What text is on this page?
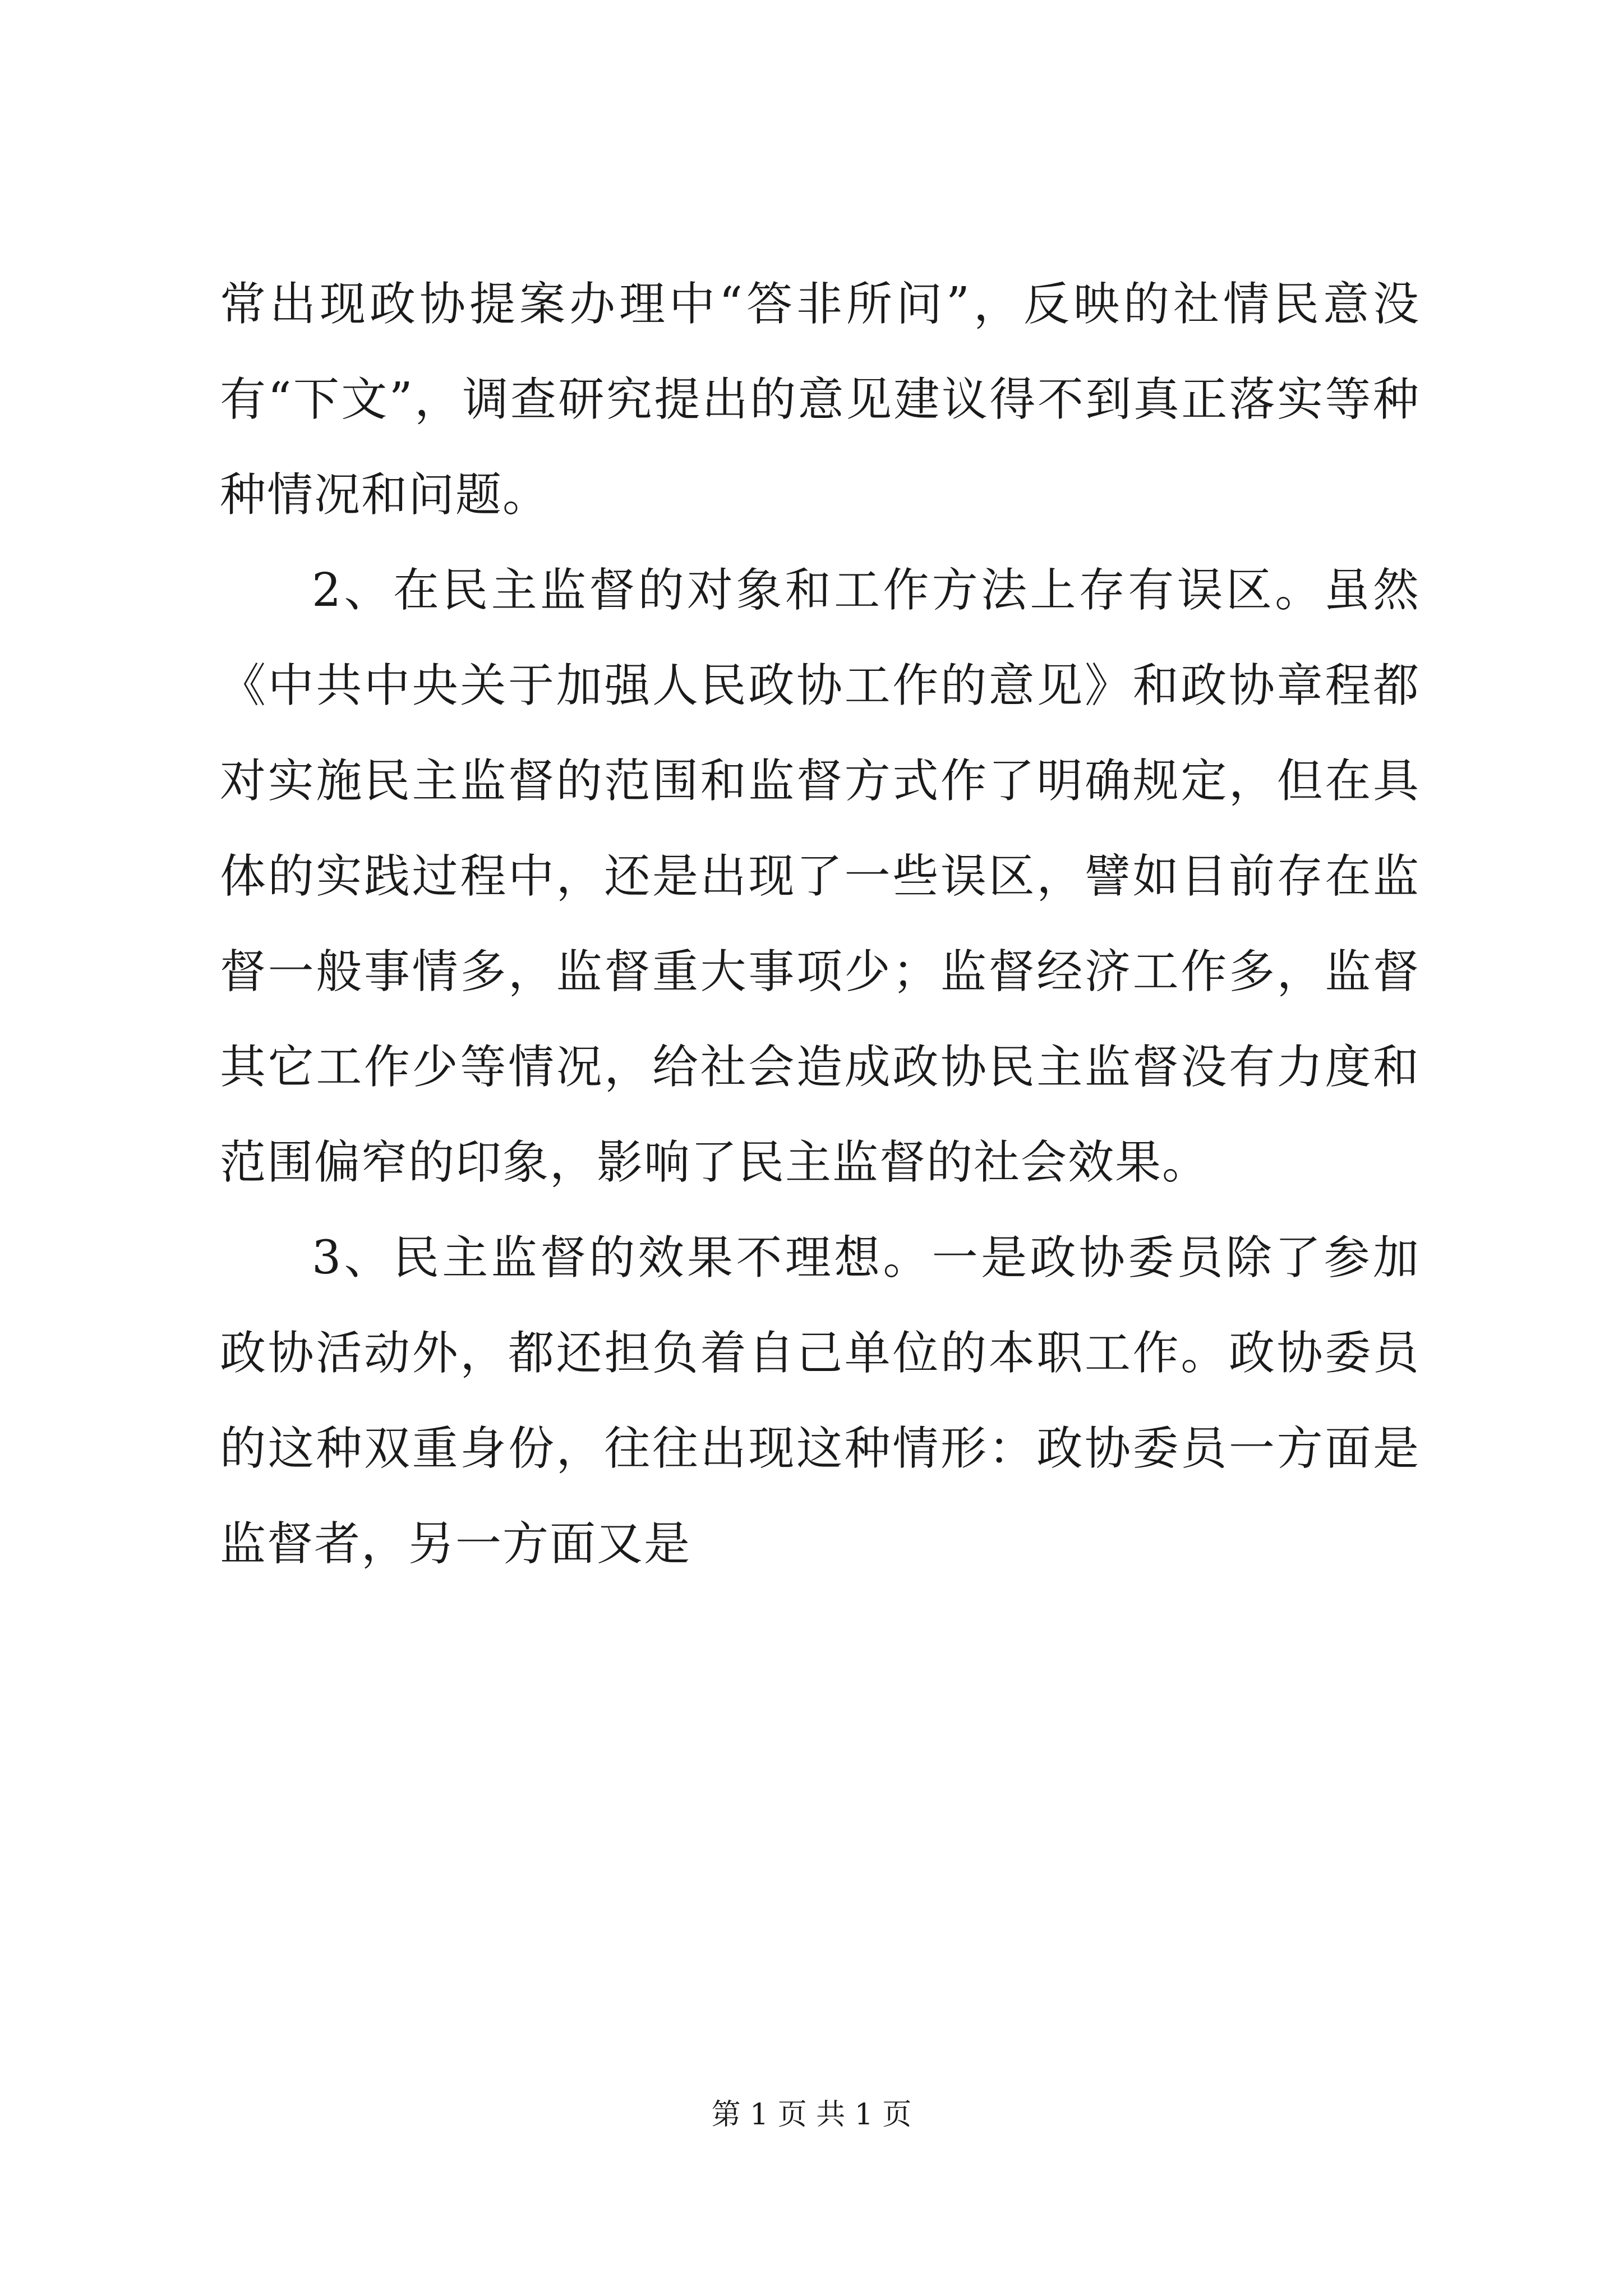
常出现政协提案办理中“答非所问”，反映的社情民意没有“下文”，调查研究提出的意见建议得不到真正落实等种种情况和问题。

2、在民主监督的对象和工作方法上存有误区。虽然《中共中央关于加强人民政协工作的意见》和政协章程都对实施民主监督的范围和监督方式作了明确规定，但在具体的实践过程中，还是出现了一些误区，譬如目前存在监督一般事情多，监督重大事项少；监督经济工作多，监督其它工作少等情况，给社会造成政协民主监督没有力度和范围偏窄的印象，影响了民主监督的社会效果。

3、民主监督的效果不理想。一是政协委员除了参加政协活动外，都还担负着自己单位的本职工作。政协委员的这种双重身份，往往出现这种情形：政协委员一方面是监督者，另一方面又是

第 1 页 共 1 页
